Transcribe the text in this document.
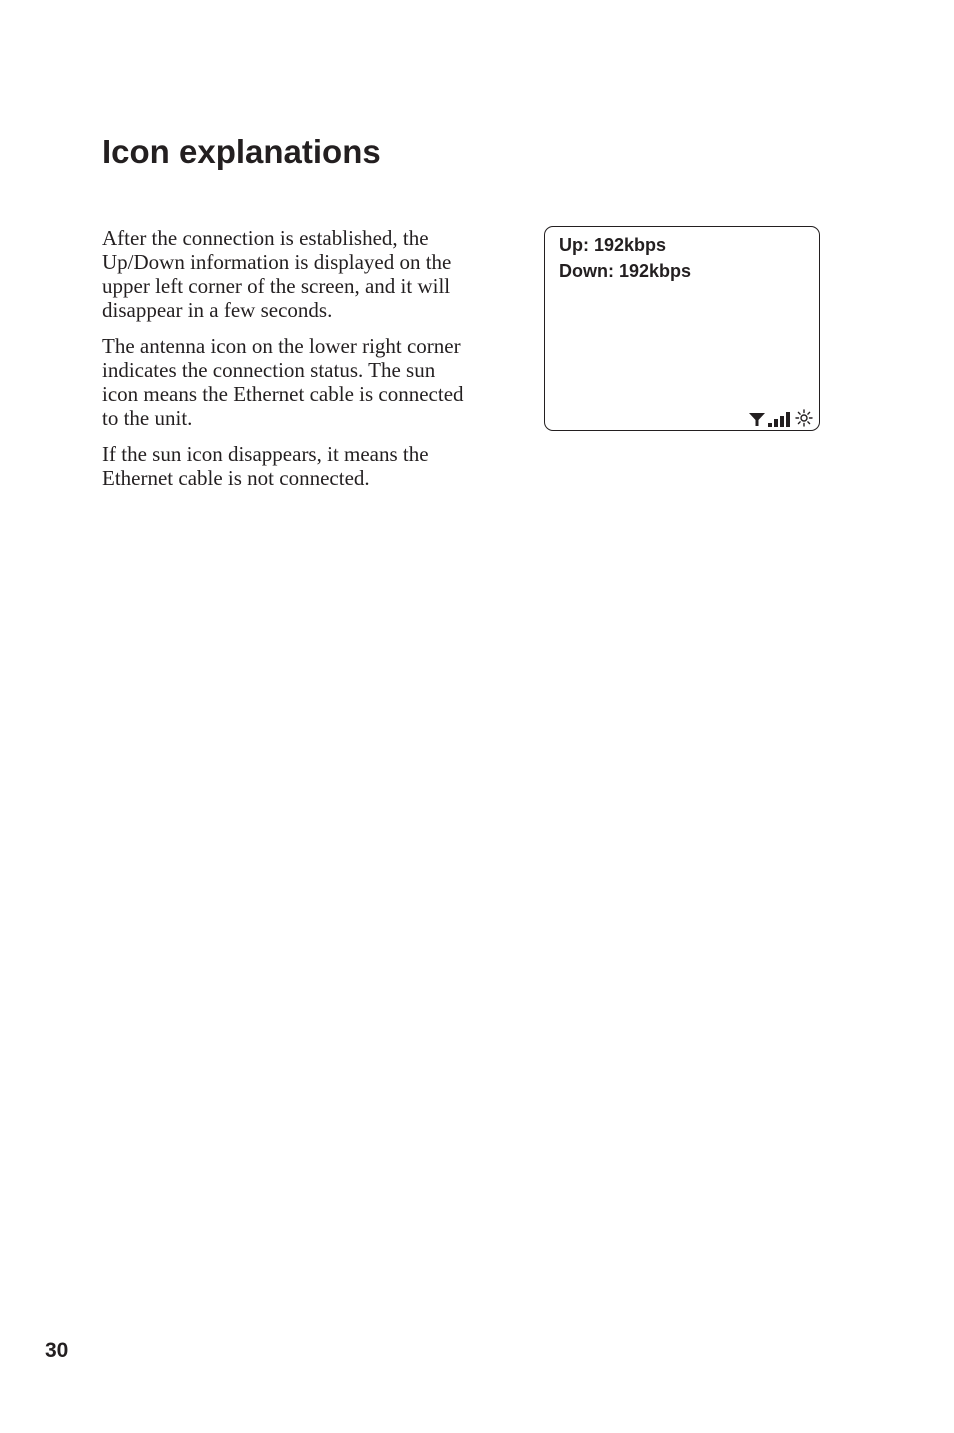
Icon explanations

After the connection is established, the Up/Down information is displayed on the upper left corner of the screen, and it will disappear in a few seconds.

The antenna icon on the lower right corner indicates the connection status. The sun icon means the Ethernet cable is connected to the unit.

If the sun icon disappears, it means the Ethernet cable is not connected.

Up: 192kbps
Down: 192kbps
30
